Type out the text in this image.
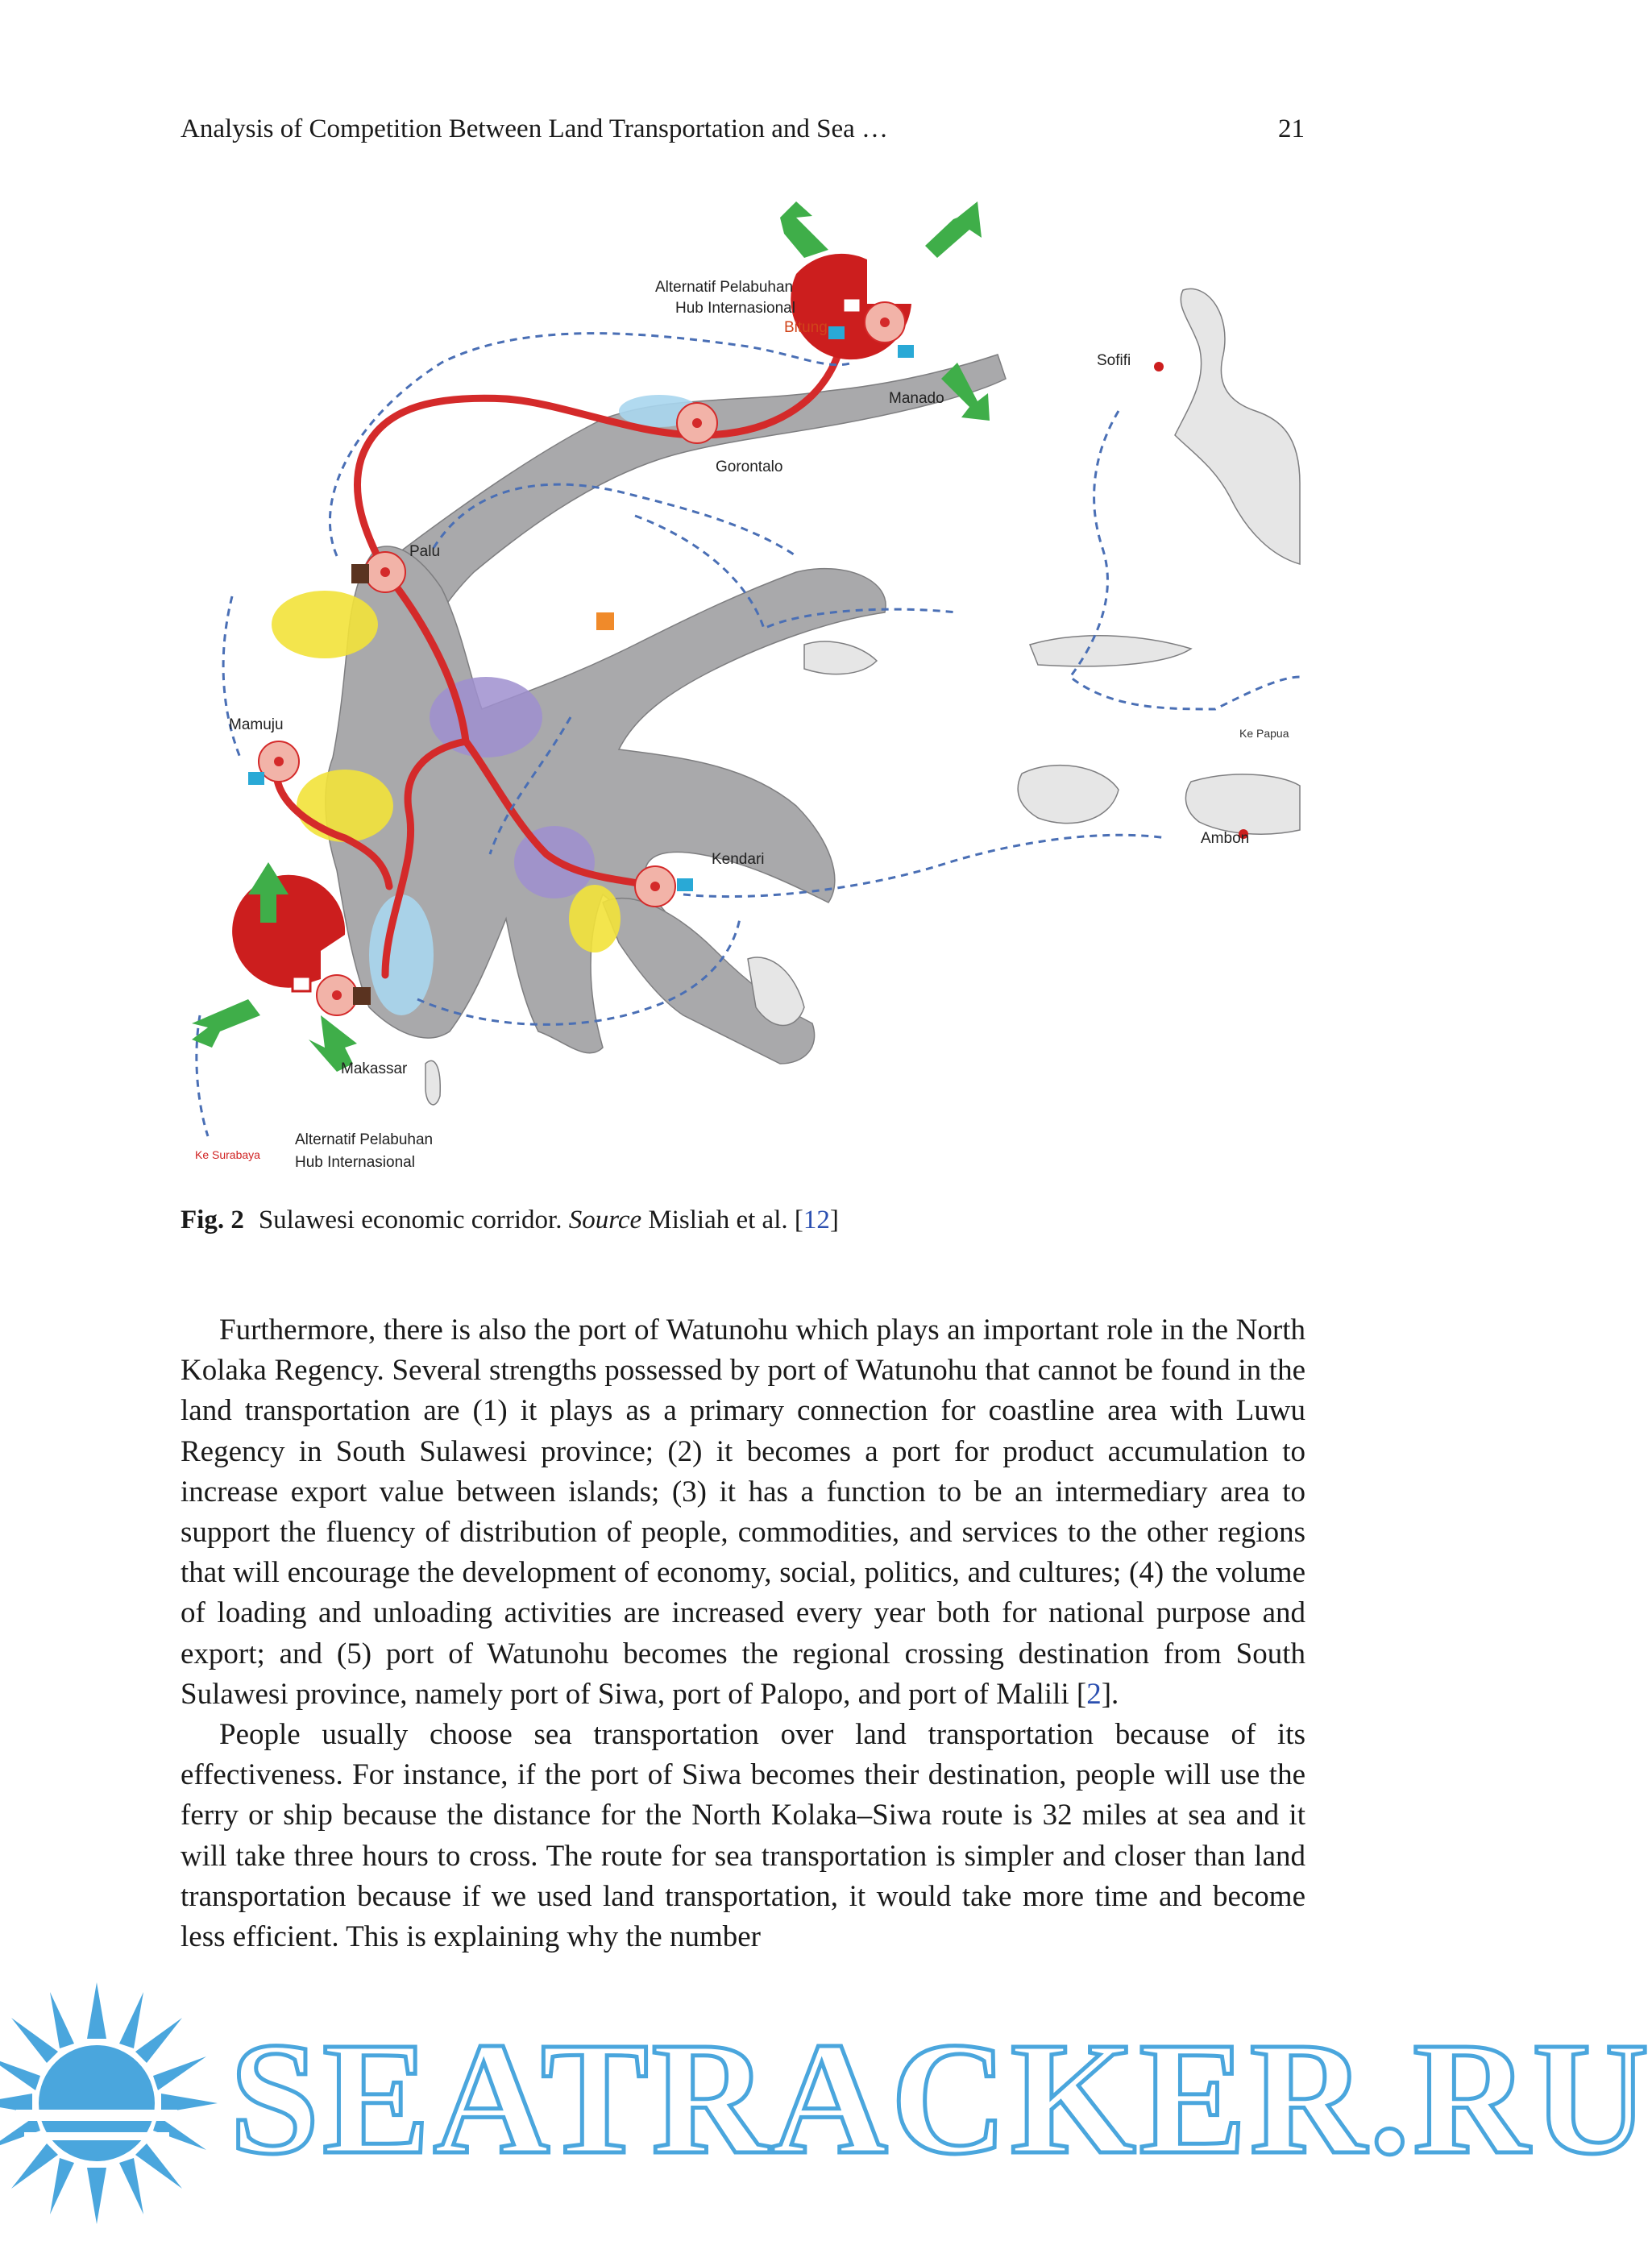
Analysis of Competition Between Land Transportation and Sea …	21
Alternatif Pelabuhan
Hub Internasional
Bitung
Manado
Gorontalo
Sofifi
Palu
Mamuju
Kendari
Ambon
Ke Papua
Makassar
Ke Surabaya
Alternatif Pelabuhan
Hub Internasional
Fig. 2 Sulawesi economic corridor. Source Misliah et al. [12]

Furthermore, there is also the port of Watunohu which plays an important role in the North Kolaka Regency. Several strengths possessed by port of Watunohu that cannot be found in the land transportation are (1) it plays as a primary connection for coastline area with Luwu Regency in South Sulawesi province; (2) it becomes a port for product accumulation to increase export value between islands; (3) it has a function to be an intermediary area to support the fluency of distribution of people, commodities, and services to the other regions that will encourage the development of economy, social, politics, and cultures; (4) the volume of loading and unloading activities are increased every year both for national purpose and export; and (5) port of Watunohu becomes the regional crossing destination from South Sulawesi province, namely port of Siwa, port of Palopo, and port of Malili [2].

People usually choose sea transportation over land transportation because of its effectiveness. For instance, if the port of Siwa becomes their destination, people will use the ferry or ship because the distance for the North Kolaka–Siwa route is 32 miles at sea and it will take three hours to cross. The route for sea transportation is simpler and closer than land transportation because if we used land transportation, it would take more time and become less efficient. This is explaining why the number

SEATRACKER.RU
